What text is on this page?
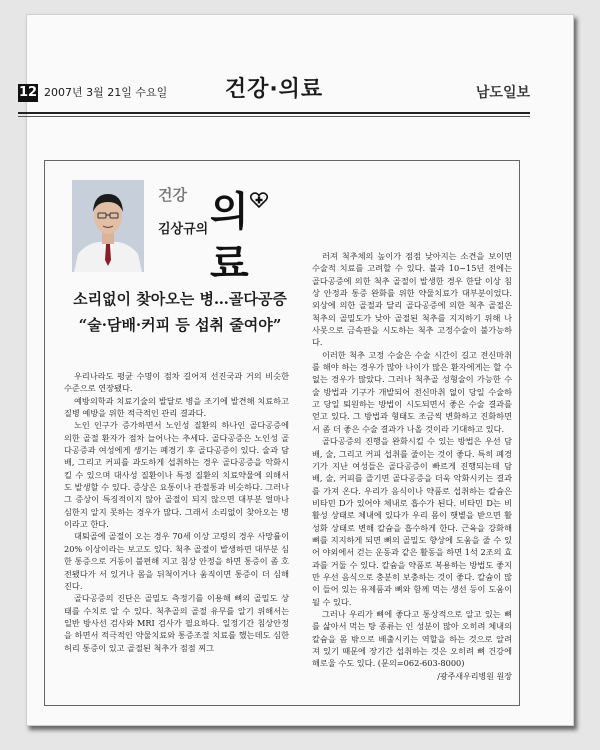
12 2007년 3월 21일 수요일	건강·의료	남도일보
건강
김상규의 의료
소리없이 찾아오는 병…골다공증
“술·담배·커피 등 섭취 줄여야”

우리나라도 평균 수명이 점차 길어져 선진국과 거의 비슷한 수준으로 연장됐다.

예방의학과 치료기술의 발달로 병을 조기에 발견해 치료하고 질병 예방을 위한 적극적인 관리 결과다.

노인 인구가 증가하면서 노인성 질환의 하나인 골다공증에 의한 골절 환자가 점차 늘어나는 추세다. 골다공증은 노인성 골다공증과 여성에게 생기는 폐경기 후 골다공증이 있다. 술과 담배, 그리고 커피를 과도하게 섭취하는 경우 골다공증을 악화시킬 수 있으며 대사성 질환이나 특정 질환의 치료약물에 의해서도 발생할 수 있다. 증상은 요통이나 관절통과 비슷하다. 그러나 그 증상이 특징적이지 않아 골절이 되지 않으면 대부분 얼마나 심한지 알지 못하는 경우가 많다. 그래서 소리없이 찾아오는 병이라고 한다.

대퇴골에 골절이 오는 경우 70세 이상 고령의 경우 사망률이 20% 이상이라는 보고도 있다. 척추 골절이 발생하면 대부분 심한 통증으로 거동이 불편해 지고 침상 안정을 하면 통증이 좀 호전됐다가 서 있거나 몸을 뒤척이거나 움직이면 통증이 더 심해진다.

골다공증의 진단은 골밀도 측정기를 이용해 뼈의 골밀도 상태를 수치로 알 수 있다. 척추골의 골절 유무를 알기 위해서는 일반 방사선 검사와 MRI 검사가 필요하다. 일정기간 침상안정을 하면서 적극적인 약물치료와 통증조절 치료를 했는데도 심한 허리 통증이 있고 골절된 척추가 점점 찌그

러져 척추체의 높이가 점점 낮아지는 소견을 보이면 수술적 치료를 고려할 수 있다. 불과 10~15년 전에는 골다공증에 의한 척추 골절이 발생한 경우 한달 이상 침상 안정과 통증 완화를 위한 약물치료가 대부분이었다. 외상에 의한 골절과 달리 골다공증에 의한 척추 골절은 척추의 골밀도가 낮아 골절된 척추를 지지하기 위해 나사못으로 금속판을 시도하는 척추 고정수술이 불가능하다.

이러한 척추 고정 수술은 수술 시간이 길고 전신마취를 해야 하는 경우가 많아 나이가 많은 환자에게는 할 수 없는 경우가 많았다. 그러나 척추골 성형술이 가능한 수술 방법과 기구가 개발되어 전신마취 없이 당일 수술하고 당일 퇴원하는 방법이 시도되면서 좋은 수술 결과를 얻고 있다. 그 방법과 형태도 조금씩 변화하고 진화하면서 좀 더 좋은 수술 결과가 나올 것이라 기대하고 있다.

골다공증의 진행을 완화시킬 수 있는 방법은 우선 담배, 술, 그리고 커피 섭취를 줄이는 것이 좋다. 특히 폐경기가 지난 여성들은 골다공증이 빠르게 진행되는데 담배, 술, 커피를 즐기면 골다공증을 더욱 악화시키는 결과를 가져 온다. 우리가 음식이나 약품로 섭취하는 칼슘은 비타민 D가 있어야 체내로 흡수가 된다. 비타민 D는 비활성 상태로 체내에 있다가 우리 몸이 햇볕을 받으면 활성화 상태로 변해 칼슘을 흡수하게 한다. 근육을 강화해 뼈를 지지하게 되면 뼈의 골밀도 향상에 도움을 줄 수 있어 야외에서 걷는 운동과 같은 활동을 하면 1석 2조의 효과를 거둘 수 있다. 칼슘을 약품로 복용하는 방법도 좋지만 우선 음식으로 충분히 보충하는 것이 좋다. 칼슘이 많이 들어 있는 유제품과 뼈와 함께 먹는 생선 등이 도움이 될 수 있다.

그러나 우리가 뼈에 좋다고 통상적으로 알고 있는 뼈를 삶아서 먹는 탕 종류는 인 성분이 많아 오히려 체내의 칼슘을 몸 밖으로 배출시키는 역할을 하는 것으로 알려져 있기 때문에 장기간 섭취하는 것은 오히려 뼈 건강에 해로울 수도 있다. (문의=062-603-8000)

/광주새우리병원 원장
